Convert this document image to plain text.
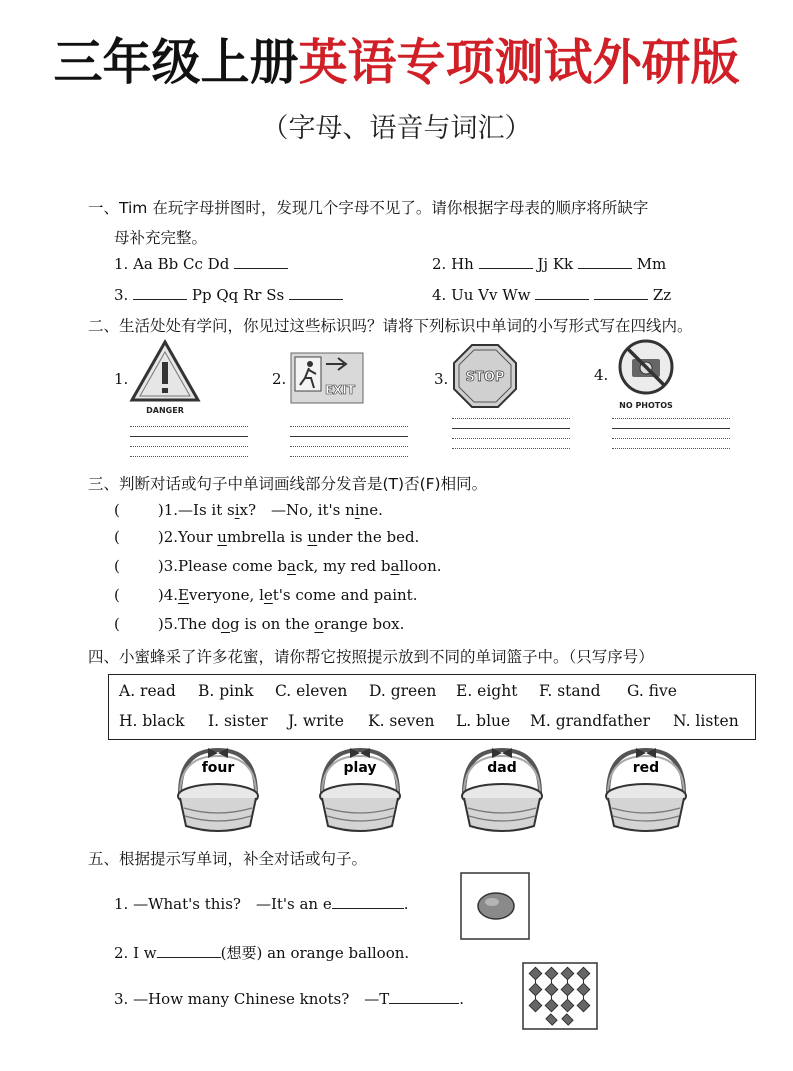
三年级上册英语专项测试外研版
（字母、语音与词汇）
一、Tim 在玩字母拼图时，发现几个字母不见了。请你根据字母表的顺序将所缺字
母补充完整。
1. Aa Bb Cc Dd	2. Hh	Jj Kk	Mm
3.	Pp Qq Rr Ss	4. Uu Vv Ww	Zz
二、生活处处有学问，你见过这些标识吗？请将下列标识中单词的小写形式写在四线内。
1.
DANGER
2.
EXIT
3. STOP	4.
NO PHOTOS
三、判断对话或句子中单词画线部分发音是(T)否(F)相同。
(	)1.—Is it six?　—No, it's nine.
(	)2.Your umbrella is under the bed.
(	)3.Please come back, my red balloon.
(	)4.Everyone, let's come and paint.
(	)5.The dog is on the orange box.
四、小蜜蜂采了许多花蜜，请你帮它按照提示放到不同的单词篮子中。（只写序号）
A. read B. pink C. eleven D. green E. eight F. stand G. five
H. black I. sister J. write K. seven L. blue M. grandfather N. listen
four	play	dad	red
五、根据提示写单词，补全对话或句子。
1. —What's this?　—It's an e	.
2. I w	(想要) an orange balloon.
3. —How many Chinese knots?　—T	.
